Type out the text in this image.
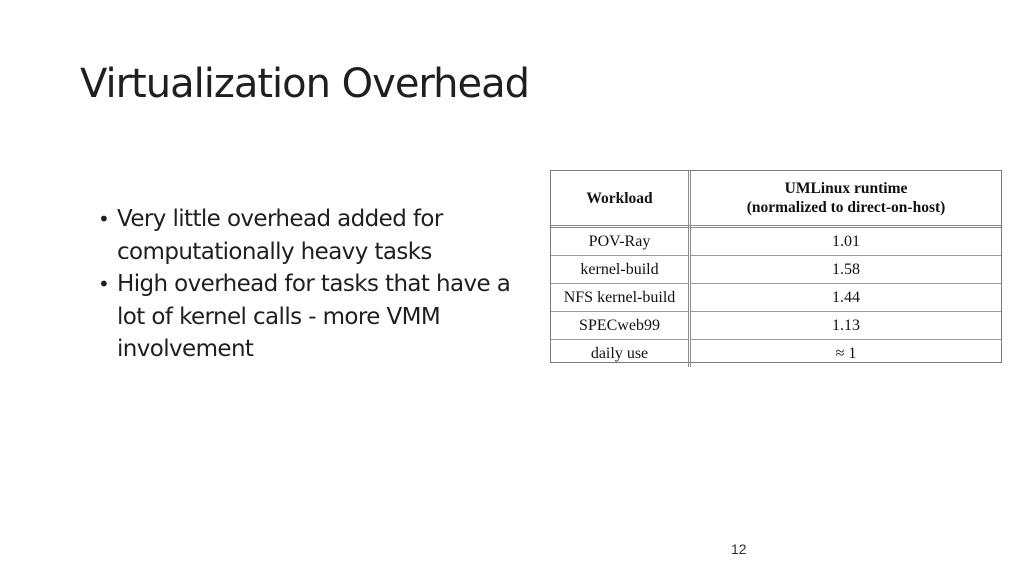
Virtualization Overhead
• Very little overhead added for computationally heavy tasks
• High overhead for tasks that have a lot of kernel calls - more VMM involvement
Workload	UMLinux runtime
(normalized to direct-on-host)
POV-Ray	1.01
kernel-build	1.58
NFS kernel-build	1.44
SPECweb99	1.13
daily use	≈ 1
12
